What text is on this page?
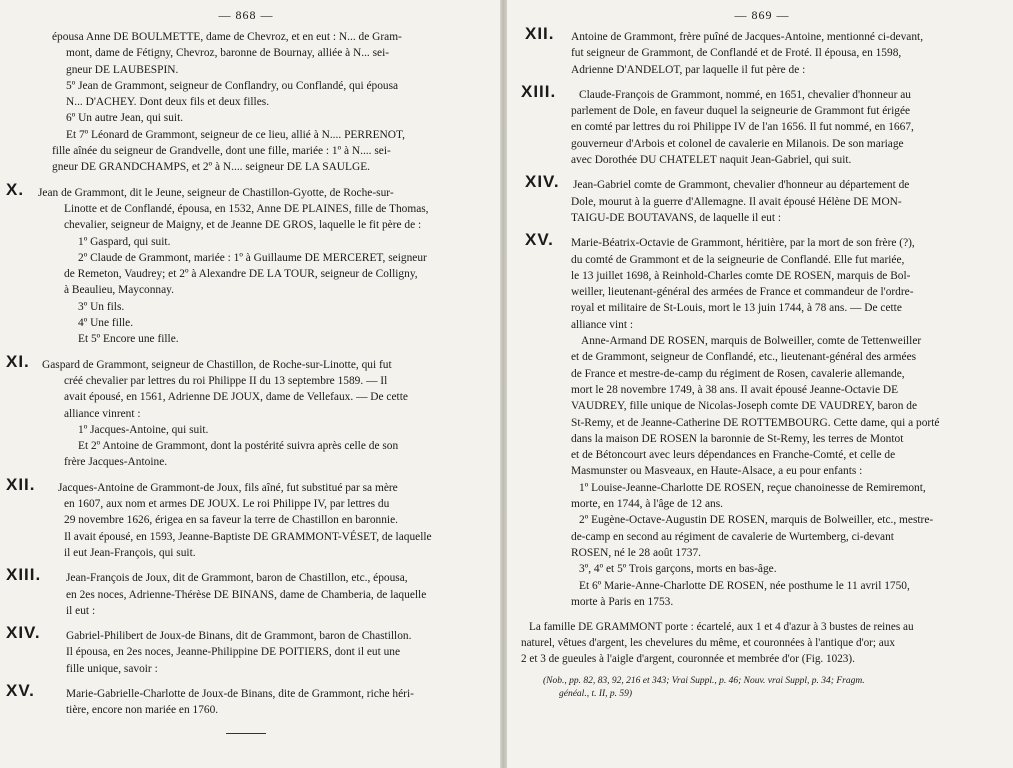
— 868 —

épousa Anne DE BOULMETTE, dame de Chevroz, et en eut : N... de Gram-

mont, dame de Fétigny, Chevroz, baronne de Bournay, alliée à N... sei-

gneur DE LAUBESPIN.

5º Jean de Grammont, seigneur de Conflandry, ou Conflandé, qui épousa

N... D'ACHEY. Dont deux fils et deux filles.

6º Un autre Jean, qui suit.

Et 7º Léonard de Grammont, seigneur de ce lieu, allié à N.... PERRENOT,

fille aînée du seigneur de Grandvelle, dont une fille, mariée : 1º à N.... sei-

gneur DE GRANDCHAMPS, et 2º à N.... seigneur DE LA SAULGE.

X.	Jean de Grammont, dit le Jeune, seigneur de Chastillon-Gyotte, de Roche-sur-

Linotte et de Conflandé, épousa, en 1532, Anne DE PLAINES, fille de Thomas,

chevalier, seigneur de Maigny, et de Jeanne DE GROS, laquelle le fit père de :

1º Gaspard, qui suit.

2º Claude de Grammont, mariée : 1º à Guillaume DE MERCERET, seigneur

de Remeton, Vaudrey; et 2º à Alexandre DE LA TOUR, seigneur de Colligny,

à Beaulieu, Mayconnay.

3º Un fils.

4º Une fille.

Et 5º Encore une fille.

XI.	Gaspard de Grammont, seigneur de Chastillon, de Roche-sur-Linotte, qui fut

créé chevalier par lettres du roi Philippe II du 13 septembre 1589. — Il

avait épousé, en 1561, Adrienne DE JOUX, dame de Vellefaux. — De cette

alliance vinrent :

1º Jacques-Antoine, qui suit.

Et 2º Antoine de Grammont, dont la postérité suivra après celle de son

frère Jacques-Antoine.

XII.	Jacques-Antoine de Grammont-de Joux, fils aîné, fut substitué par sa mère

en 1607, aux nom et armes DE JOUX. Le roi Philippe IV, par lettres du

29 novembre 1626, érigea en sa faveur la terre de Chastillon en baronnie.

Il avait épousé, en 1593, Jeanne-Baptiste DE GRAMMONT-VÉSET, de laquelle

il eut Jean-François, qui suit.

XIII.	Jean-François de Joux, dit de Grammont, baron de Chastillon, etc., épousa,

en 2es noces, Adrienne-Thérèse DE BINANS, dame de Chamberia, de laquelle

il eut :

XIV.	Gabriel-Philibert de Joux-de Binans, dit de Grammont, baron de Chastillon.

Il épousa, en 2es noces, Jeanne-Philippine DE POITIERS, dont il eut une

fille unique, savoir :

XV.	Marie-Gabrielle-Charlotte de Joux-de Binans, dite de Grammont, riche héri-

tière, encore non mariée en 1760.

— 869 —
XII.	Antoine de Grammont, frère puîné de Jacques-Antoine, mentionné ci-devant,

fut seigneur de Grammont, de Conflandé et de Froté. Il épousa, en 1598,

Adrienne D'ANDELOT, par laquelle il fut père de :

XIII.	Claude-François de Grammont, nommé, en 1651, chevalier d'honneur au

parlement de Dole, en faveur duquel la seigneurie de Grammont fut érigée

en comté par lettres du roi Philippe IV de l'an 1656. Il fut nommé, en 1667,

gouverneur d'Arbois et colonel de cavalerie en Milanois. De son mariage

avec Dorothée DU CHATELET naquit Jean-Gabriel, qui suit.

XIV.	Jean-Gabriel comte de Grammont, chevalier d'honneur au département de

Dole, mourut à la guerre d'Allemagne. Il avait épousé Hélène DE MON-

TAIGU-DE BOUTAVANS, de laquelle il eut :

XV.	Marie-Béatrix-Octavie de Grammont, héritière, par la mort de son frère (?),

du comté de Grammont et de la seigneurie de Conflandé. Elle fut mariée,

le 13 juillet 1698, à Reinhold-Charles comte DE ROSEN, marquis de Bol-

weiller, lieutenant-général des armées de France et commandeur de l'ordre-

royal et militaire de St-Louis, mort le 13 juin 1744, à 78 ans. — De cette

alliance vint :

Anne-Armand DE ROSEN, marquis de Bolweiller, comte de Tettenweiller

et de Grammont, seigneur de Conflandé, etc., lieutenant-général des armées

de France et mestre-de-camp du régiment de Rosen, cavalerie allemande,

mort le 28 novembre 1749, à 38 ans. Il avait épousé Jeanne-Octavie DE

VAUDREY, fille unique de Nicolas-Joseph comte DE VAUDREY, baron de

St-Remy, et de Jeanne-Catherine DE ROTTEMBOURG. Cette dame, qui a porté

dans la maison DE ROSEN la baronnie de St-Remy, les terres de Montot

et de Bétoncourt avec leurs dépendances en Franche-Comté, et celle de

Masmunster ou Masveaux, en Haute-Alsace, a eu pour enfants :

1º Louise-Jeanne-Charlotte DE ROSEN, reçue chanoinesse de Remiremont,

morte, en 1744, à l'âge de 12 ans.

2º Eugène-Octave-Augustin DE ROSEN, marquis de Bolweiller, etc., mestre-

de-camp en second au régiment de cavalerie de Wurtemberg, ci-devant

ROSEN, né le 28 août 1737.

3º, 4º et 5º Trois garçons, morts en bas-âge.

Et 6º Marie-Anne-Charlotte DE ROSEN, née posthume le 11 avril 1750,

morte à Paris en 1753.

La famille DE GRAMMONT porte : écartelé, aux 1 et 4 d'azur à 3 bustes de reines au

naturel, vêtues d'argent, les chevelures du même, et couronnées à l'antique d'or; aux

2 et 3 de gueules à l'aigle d'argent, couronnée et membrée d'or (Fig. 1023).

(Nob., pp. 82, 83, 92, 216 et 343; Vrai Suppl., p. 46; Nouv. vrai Suppl, p. 34; Fragm.

généal., t. II, p. 59)
